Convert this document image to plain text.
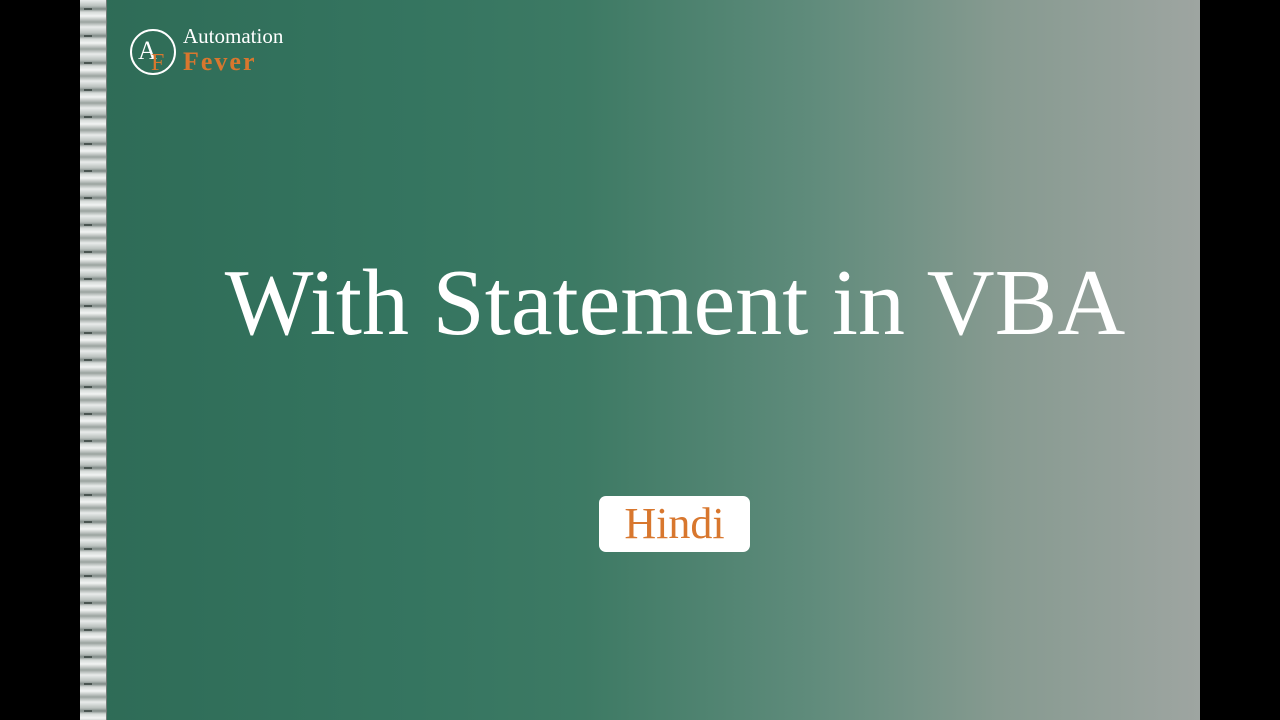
A
F
Automation
Fever
With Statement in VBA
Hindi
